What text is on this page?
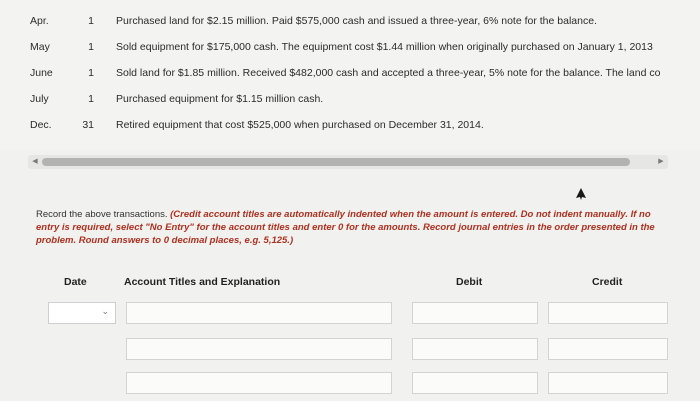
Apr.	1 Purchased land for $2.15 million. Paid $575,000 cash and issued a three-year, 6% note for the balance.
May	1 Sold equipment for $175,000 cash. The equipment cost $1.44 million when originally purchased on January 1, 2013
June	1 Sold land for $1.85 million. Received $482,000 cash and accepted a three-year, 5% note for the balance. The land co
July	1 Purchased equipment for $1.15 million cash.
Dec.	31 Retired equipment that cost $525,000 when purchased on December 31, 2014.
◀	▶
Record the above transactions. (Credit account titles are automatically indented when the amount is entered. Do not indent manually. If no entry is required, select "No Entry" for the account titles and enter 0 for the amounts. Record journal entries in the order presented in the problem. Round answers to 0 decimal places, e.g. 5,125.)
Date	Account Titles and Explanation	Debit	Credit
⌄
